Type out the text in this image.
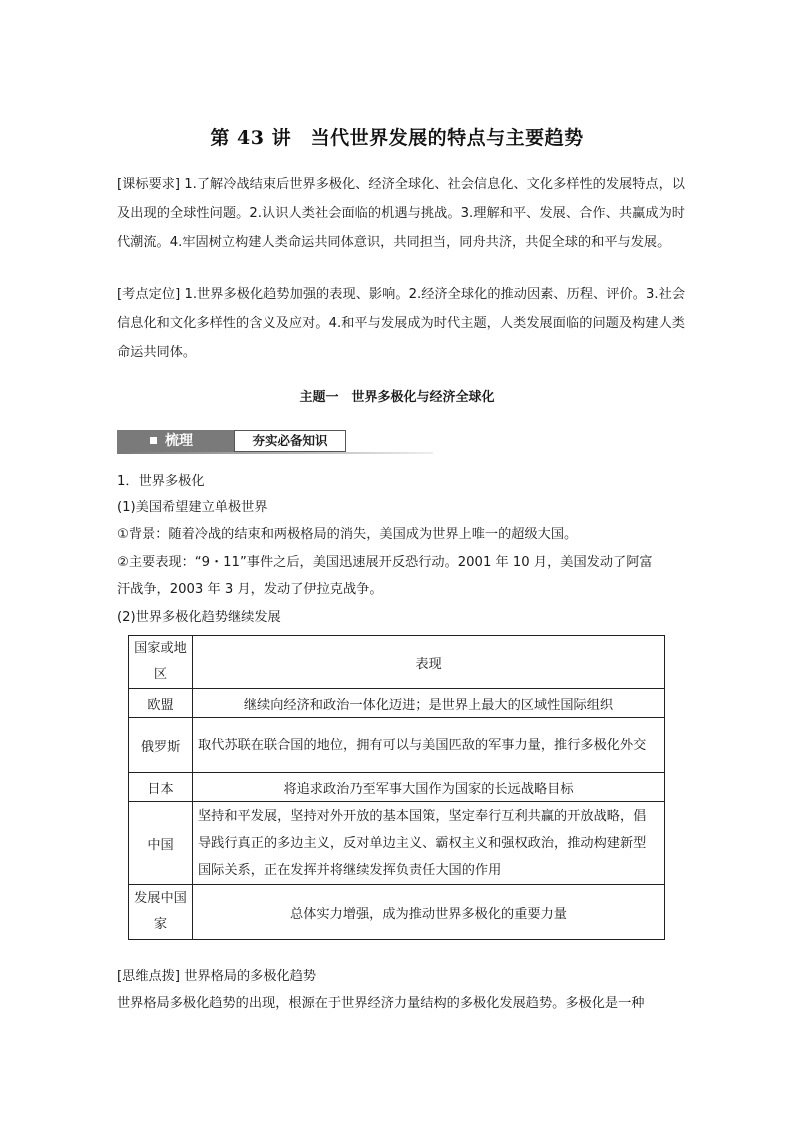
第 43 讲　当代世界发展的特点与主要趋势
[课标要求] 1.了解冷战结束后世界多极化、经济全球化、社会信息化、文化多样性的发展特点，以及出现的全球性问题。2.认识人类社会面临的机遇与挑战。3.理解和平、发展、合作、共赢成为时代潮流。4.牢固树立构建人类命运共同体意识，共同担当，同舟共济，共促全球的和平与发展。
[考点定位] 1.世界多极化趋势加强的表现、影响。2.经济全球化的推动因素、历程、评价。3.社会信息化和文化多样性的含义及应对。4.和平与发展成为时代主题，人类发展面临的问题及构建人类命运共同体。
主题一　世界多极化与经济全球化
梳理	夯实必备知识
1．世界多极化
(1)美国希望建立单极世界
①背景：随着冷战的结束和两极格局的消失，美国成为世界上唯一的超级大国。
②主要表现：“9・11”事件之后，美国迅速展开反恐行动。2001 年 10 月，美国发动了阿富
汗战争，2003 年 3 月，发动了伊拉克战争。
(2)世界多极化趋势继续发展
国家或地区	表现
欧盟	继续向经济和政治一体化迈进；是世界上最大的区域性国际组织
俄罗斯	取代苏联在联合国的地位，拥有可以与美国匹敌的军事力量，推行多极化外交
日本	将追求政治乃至军事大国作为国家的长远战略目标
中国	坚持和平发展，坚持对外开放的基本国策，坚定奉行互利共赢的开放战略，倡导践行真正的多边主义，反对单边主义、霸权主义和强权政治，推动构建新型国际关系，正在发挥并将继续发挥负责任大国的作用
发展中国家	总体实力增强，成为推动世界多极化的重要力量
[思维点拨] 世界格局的多极化趋势
世界格局多极化趋势的出现，根源在于世界经济力量结构的多极化发展趋势。多极化是一种
